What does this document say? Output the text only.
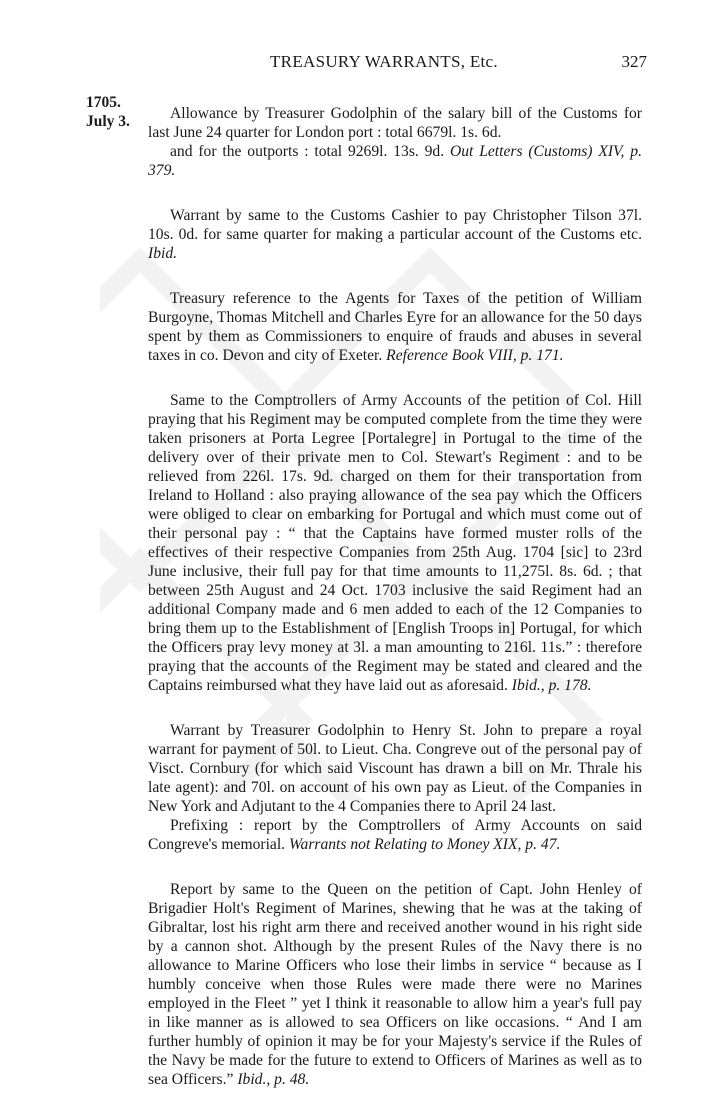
TREASURY WARRANTS, Etc.	327
1705.
July 3.	Allowance by Treasurer Godolphin of the salary bill of the Customs for last June 24 quarter for London port : total 6679l. 1s. 6d.

and for the outports : total 9269l. 13s. 9d. Out Letters (Customs) XIV, p. 379.

Warrant by same to the Customs Cashier to pay Christopher Tilson 37l. 10s. 0d. for same quarter for making a particular account of the Customs etc. Ibid.

Treasury reference to the Agents for Taxes of the petition of William Burgoyne, Thomas Mitchell and Charles Eyre for an allowance for the 50 days spent by them as Commissioners to enquire of frauds and abuses in several taxes in co. Devon and city of Exeter. Reference Book VIII, p. 171.

Same to the Comptrollers of Army Accounts of the petition of Col. Hill praying that his Regiment may be computed complete from the time they were taken prisoners at Porta Legree [Portalegre] in Portugal to the time of the delivery over of their private men to Col. Stewart's Regiment : and to be relieved from 226l. 17s. 9d. charged on them for their transportation from Ireland to Holland : also praying allowance of the sea pay which the Officers were obliged to clear on embarking for Portugal and which must come out of their personal pay : “ that the Captains have formed muster rolls of the effectives of their respective Companies from 25th Aug. 1704 [sic] to 23rd June inclusive, their full pay for that time amounts to 11,275l. 8s. 6d. ; that between 25th August and 24 Oct. 1703 inclusive the said Regiment had an additional Company made and 6 men added to each of the 12 Companies to bring them up to the Establishment of [English Troops in] Portugal, for which the Officers pray levy money at 3l. a man amounting to 216l. 11s.” : therefore praying that the accounts of the Regiment may be stated and cleared and the Captains reimbursed what they have laid out as aforesaid. Ibid., p. 178.

Warrant by Treasurer Godolphin to Henry St. John to prepare a royal warrant for payment of 50l. to Lieut. Cha. Congreve out of the personal pay of Visct. Cornbury (for which said Viscount has drawn a bill on Mr. Thrale his late agent): and 70l. on account of his own pay as Lieut. of the Companies in New York and Adjutant to the 4 Companies there to April 24 last.

Prefixing : report by the Comptrollers of Army Accounts on said Congreve's memorial. Warrants not Relating to Money XIX, p. 47.

Report by same to the Queen on the petition of Capt. John Henley of Brigadier Holt's Regiment of Marines, shewing that he was at the taking of Gibraltar, lost his right arm there and received another wound in his right side by a cannon shot. Although by the present Rules of the Navy there is no allowance to Marine Officers who lose their limbs in service “ because as I humbly conceive when those Rules were made there were no Marines employed in the Fleet ” yet I think it reasonable to allow him a year's full pay in like manner as is allowed to sea Officers on like occasions. “ And I am further humbly of opinion it may be for your Majesty's service if the Rules of the Navy be made for the future to extend to Officers of Marines as well as to sea Officers.” Ibid., p. 48.
